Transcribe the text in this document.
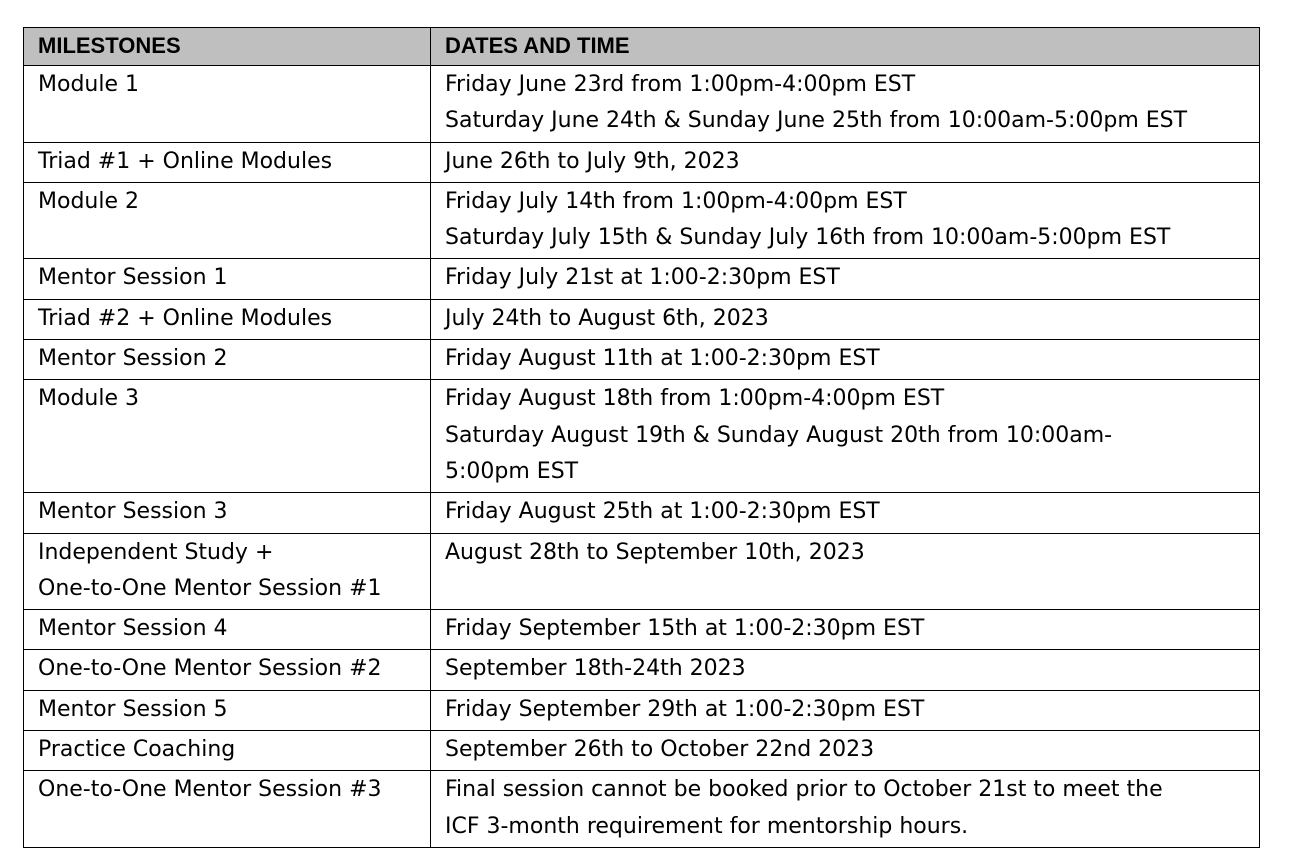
MILESTONES	DATES AND TIME

Module 1	Friday June 23rd from 1:00pm-4:00pm EST
Saturday June 24th & Sunday June 25th from 10:00am-5:00pm EST

Triad #1 + Online Modules	June 26th to July 9th, 2023

Module 2	Friday July 14th from 1:00pm-4:00pm EST
Saturday July 15th & Sunday July 16th from 10:00am-5:00pm EST

Mentor Session 1	Friday July 21st at 1:00-2:30pm EST

Triad #2 + Online Modules	July 24th to August 6th, 2023

Mentor Session 2	Friday August 11th at 1:00-2:30pm EST

Module 3	Friday August 18th from 1:00pm-4:00pm EST
Saturday August 19th & Sunday August 20th from 10:00am-
5:00pm EST

Mentor Session 3	Friday August 25th at 1:00-2:30pm EST

Independent Study +
One-to-One Mentor Session #1	August 28th to September 10th, 2023

Mentor Session 4	Friday September 15th at 1:00-2:30pm EST

One-to-One Mentor Session #2	September 18th-24th 2023

Mentor Session 5	Friday September 29th at 1:00-2:30pm EST

Practice Coaching	September 26th to October 22nd 2023

One-to-One Mentor Session #3	Final session cannot be booked prior to October 21st to meet the
ICF 3-month requirement for mentorship hours.
